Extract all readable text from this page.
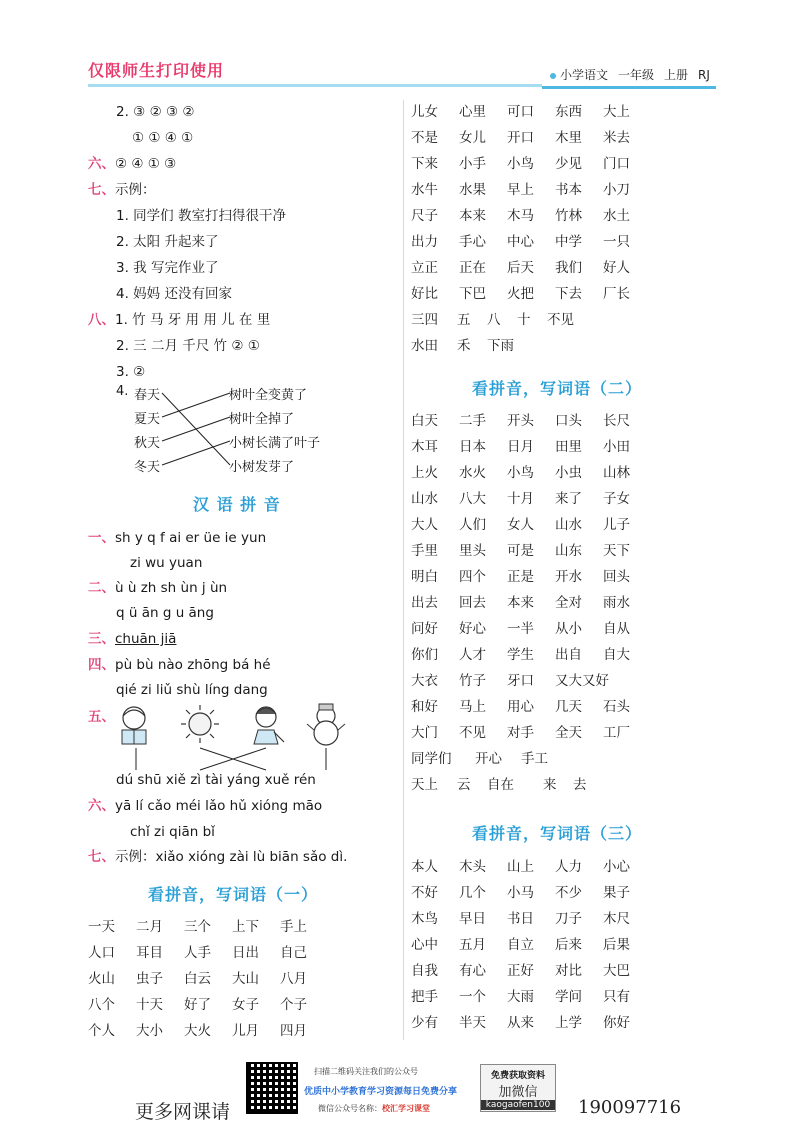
仅限师生打印使用	小学语文 一年级 上册 RJ
2. ③ ② ③ ②
① ① ④ ①
六、② ④ ① ③
七、示例：
1. 同学们 教室打扫得很干净
2. 太阳 升起来了
3. 我 写完作业了
4. 妈妈 还没有回家
八、1. 竹 马 牙 用 用 儿 在 里
2. 三 二月 千尺 竹 ② ①
3. ②
4. 春天
夏天
秋天
冬天
树叶全变黄了
树叶全掉了
小树长满了叶子
小树发芽了
汉 语 拼 音
一、sh y q f ai er üe ie yun
zi wu yuan
二、ù ù zh sh ùn j ùn
q ü ān g u āng
三、chuān jiā
四、pù bù nào zhōng bá hé
qié zi liǔ shù líng dang
五、
dú shū xiě zì tài yáng xuě rén
六、yā lí cǎo méi lǎo hǔ xióng māo
chǐ zi qiān bǐ
七、示例：xiǎo xióng zài lù biān sǎo dì.
看拼音，写词语（一）
一天 二月 三个 上下 手上
人口 耳目 人手 日出 自己
火山 虫子 白云 大山 八月
八个 十天 好了 女子 个子
个人 大小 大火 儿月 四月
儿女 心里 可口 东西 大上
不是 女儿 开口 木里 米去
下来 小手 小鸟 少见 门口
水牛 水果 早上 书本 小刀
尺子 本来 木马 竹林 水土
出力 手心 中心 中学 一只
立正 正在 后天 我们 好人
好比 下巴 火把 下去 厂长
三四 五 八 十 不见
水田 禾 下雨
看拼音，写词语（二）
白天 二手 开头 口头 长尺
木耳 日本 日月 田里 小田
上火 水火 小鸟 小虫 山林
山水 八大 十月 来了 子女
大人 人们 女人 山水 儿子
手里 里头 可是 山东 天下
明白 四个 正是 开水 回头
出去 回去 本来 全对 雨水
问好 好心 一半 从小 自从
你们 人才 学生 出自 自大
大衣 竹子 牙口 又大又好
和好 马上 用心 几天 石头
大门 不见 对手 全天 工厂
同学们 开心 手工
天上 云 自在 来 去
看拼音，写词语（三）
本人 木头 山上 人力 小心
不好 几个 小马 不少 果子
木鸟 早日 书日 刀子 木尺
心中 五月 自立 后来 后果
自我 有心 正好 对比 大巴
把手 一个 大雨 学问 只有
少有 半天 从来 上学 你好
更多网课请
扫描二维码关注我们的公众号
优质中小学教育学习资源每日免费分享
微信公众号名称：校汇学习课堂
免费获取资料
加微信
kaogaofen100 190097716
